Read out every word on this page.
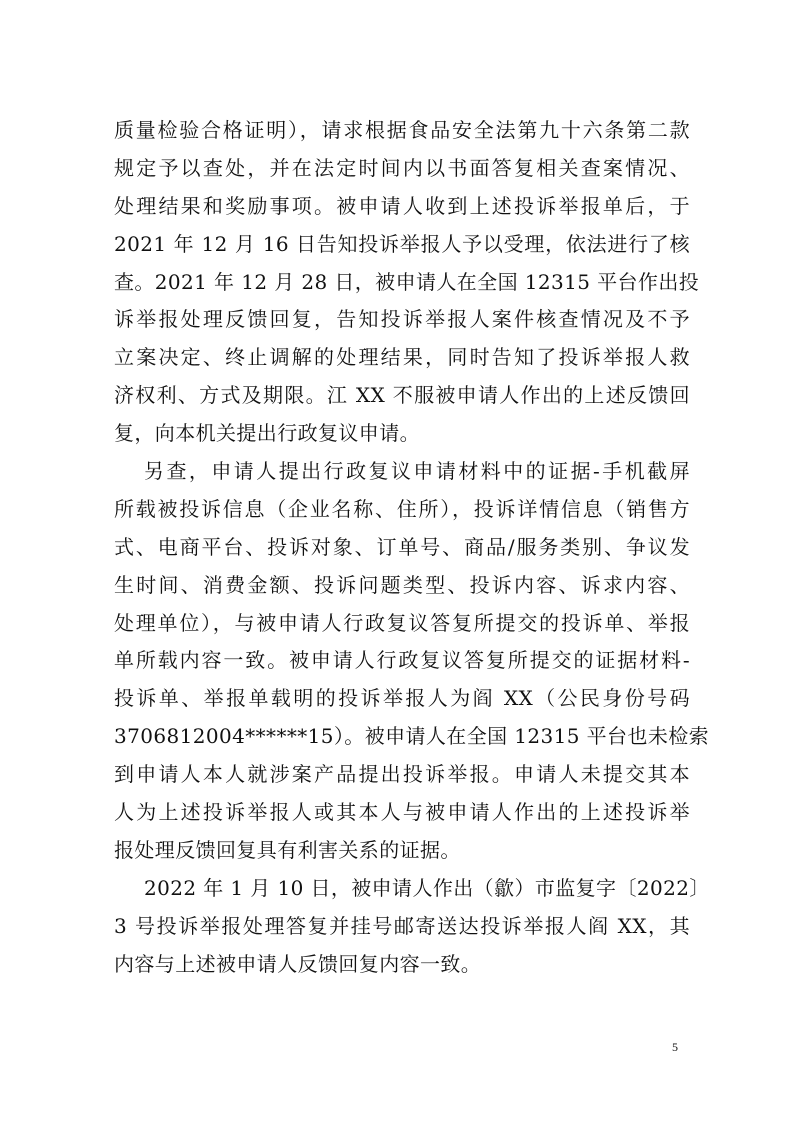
质量检验合格证明），请求根据食品安全法第九十六条第二款
规定予以查处，并在法定时间内以书面答复相关查案情况、
处理结果和奖励事项。被申请人收到上述投诉举报单后，于
2021 年 12 月 16 日告知投诉举报人予以受理，依法进行了核
查。2021 年 12 月 28 日，被申请人在全国 12315 平台作出投
诉举报处理反馈回复，告知投诉举报人案件核查情况及不予
立案决定、终止调解的处理结果，同时告知了投诉举报人救
济权利、方式及期限。江 XX 不服被申请人作出的上述反馈回
复，向本机关提出行政复议申请。
另查，申请人提出行政复议申请材料中的证据-手机截屏
所载被投诉信息（企业名称、住所），投诉详情信息（销售方
式、电商平台、投诉对象、订单号、商品/服务类别、争议发
生时间、消费金额、投诉问题类型、投诉内容、诉求内容、
处理单位），与被申请人行政复议答复所提交的投诉单、举报
单所载内容一致。被申请人行政复议答复所提交的证据材料-
投诉单、举报单载明的投诉举报人为阎 XX（公民身份号码
3706812004******15）。被申请人在全国 12315 平台也未检索
到申请人本人就涉案产品提出投诉举报。申请人未提交其本
人为上述投诉举报人或其本人与被申请人作出的上述投诉举
报处理反馈回复具有利害关系的证据。
2022 年 1 月 10 日，被申请人作出（歙）市监复字〔2022〕
3 号投诉举报处理答复并挂号邮寄送达投诉举报人阎 XX，其
内容与上述被申请人反馈回复内容一致。
5
